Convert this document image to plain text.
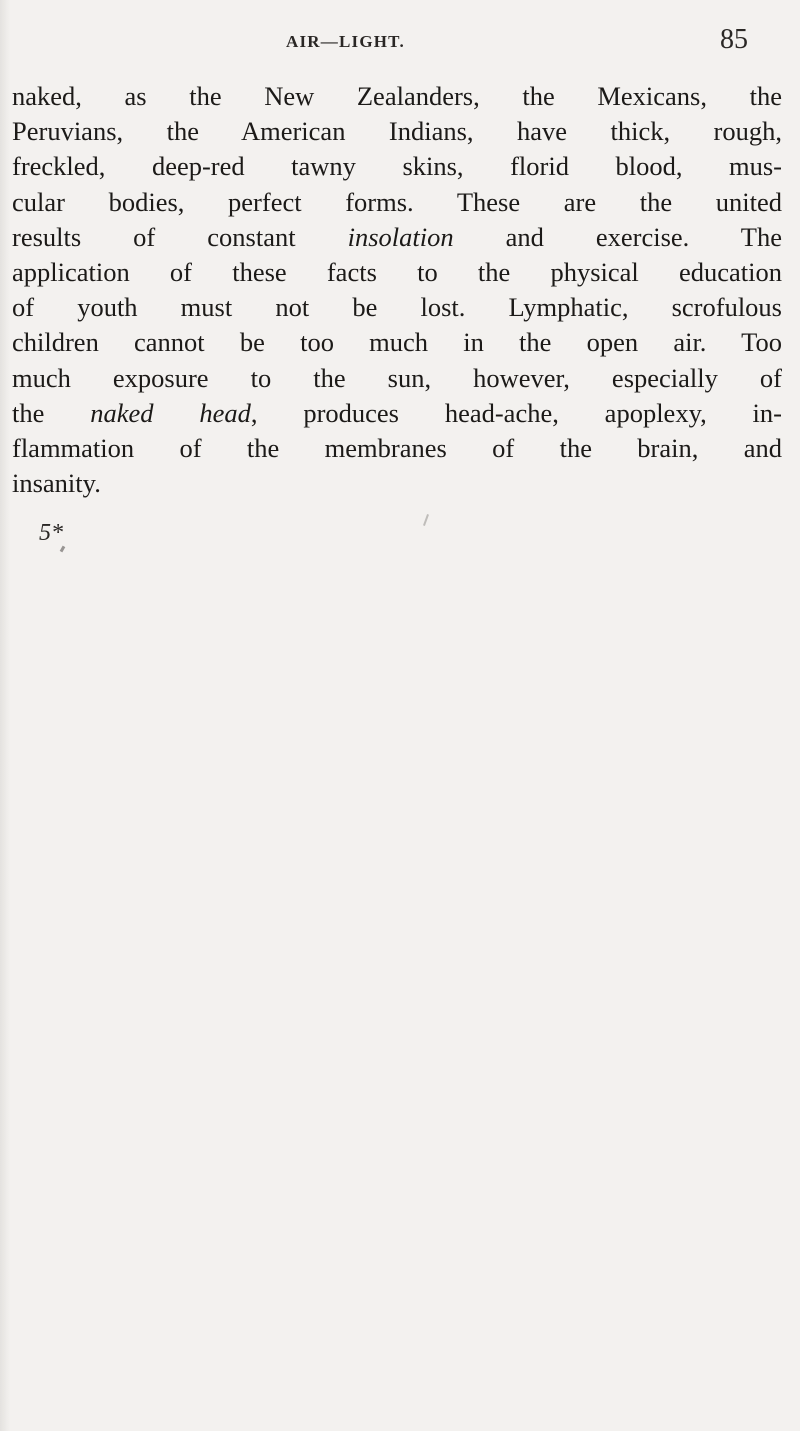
AIR—LIGHT.	85
naked, as the New Zealanders, the Mexicans, the
Peruvians, the American Indians, have thick, rough,
freckled, deep-red tawny skins, florid blood, mus-
cular bodies, perfect forms. These are the united
results of constant insolation and exercise. The
application of these facts to the physical education
of youth must not be lost. Lymphatic, scrofulous
children cannot be too much in the open air. Too
much exposure to the sun, however, especially of
the naked head, produces head-ache, apoplexy, in-
flammation of the membranes of the brain, and
insanity.
5*
